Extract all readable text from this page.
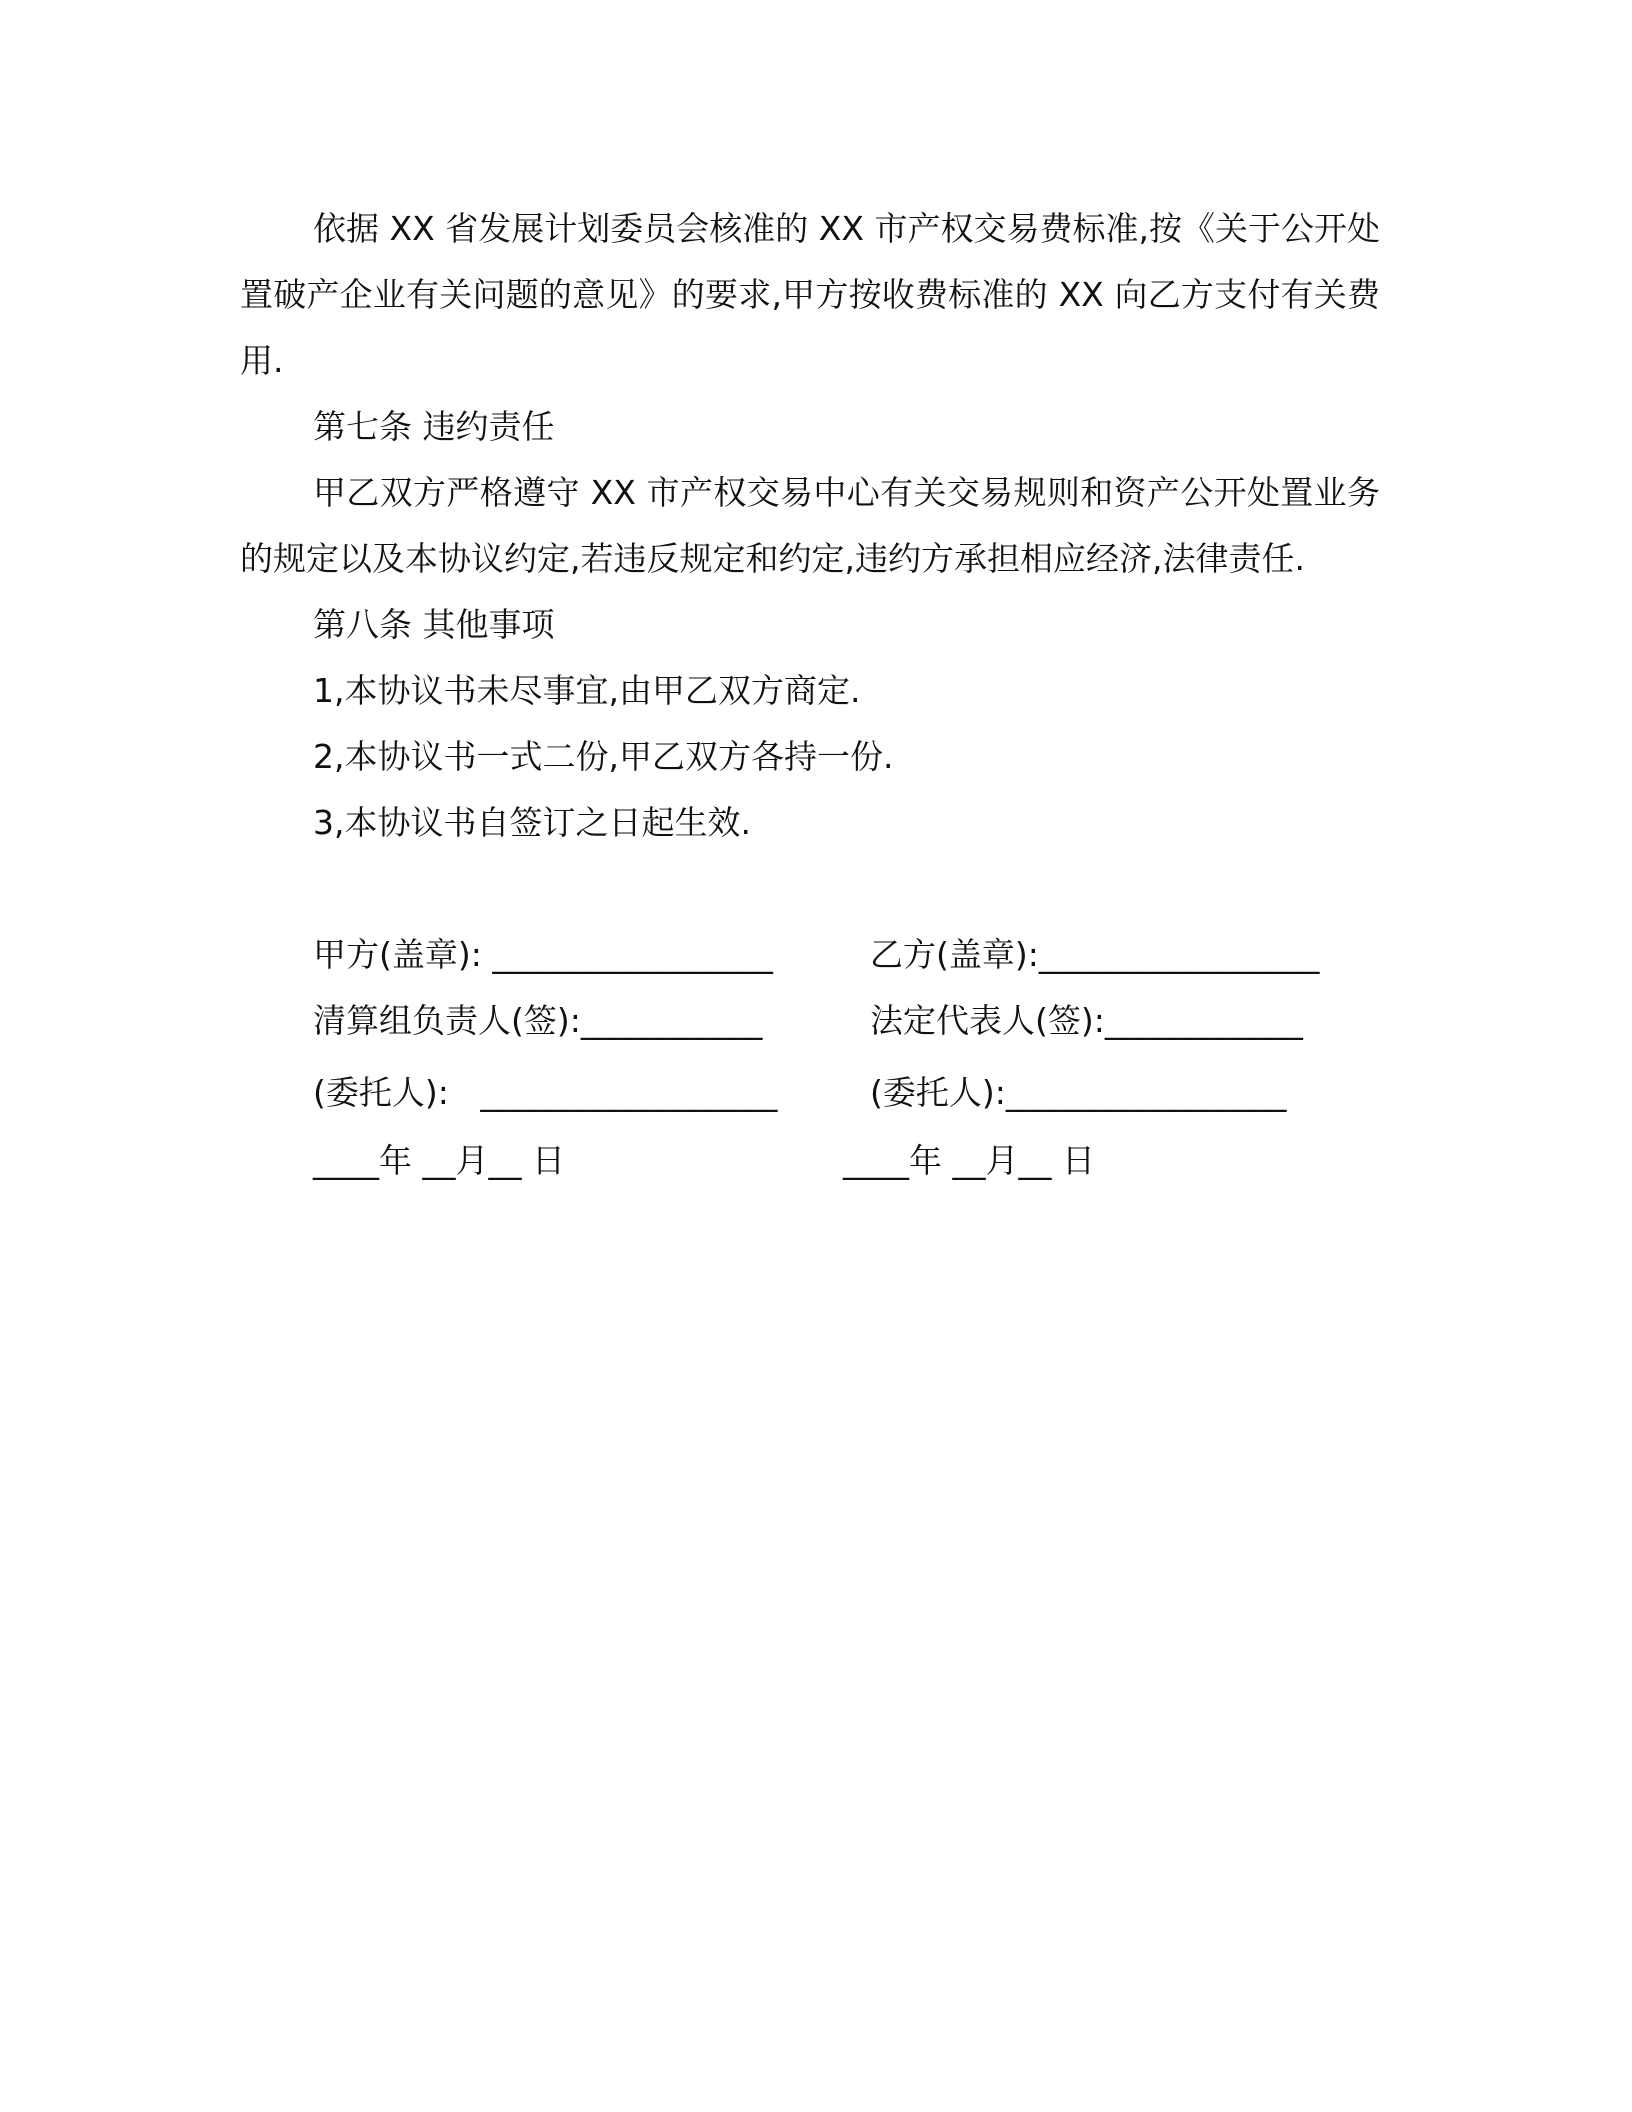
依据 XX 省发展计划委员会核准的 XX 市产权交易费标准,按《关于公开处置破产企业有关问题的意见》的要求,甲方按收费标准的 XX 向乙方支付有关费用.

第七条 违约责任

甲乙双方严格遵守 XX 市产权交易中心有关交易规则和资产公开处置业务的规定以及本协议约定,若违反规定和约定,违约方承担相应经济,法律责任.

第八条 其他事项

1,本协议书未尽事宜,由甲乙双方商定.

2,本协议书一式二份,甲乙双方各持一份.

3,本协议书自签订之日起生效.

甲方(盖章): _________________	乙方(盖章):_________________
清算组负责人(签):___________	法定代表人(签):____________
(委托人):   __________________	(委托人):_________________
____年 __月__ 日	____年 __月__ 日
